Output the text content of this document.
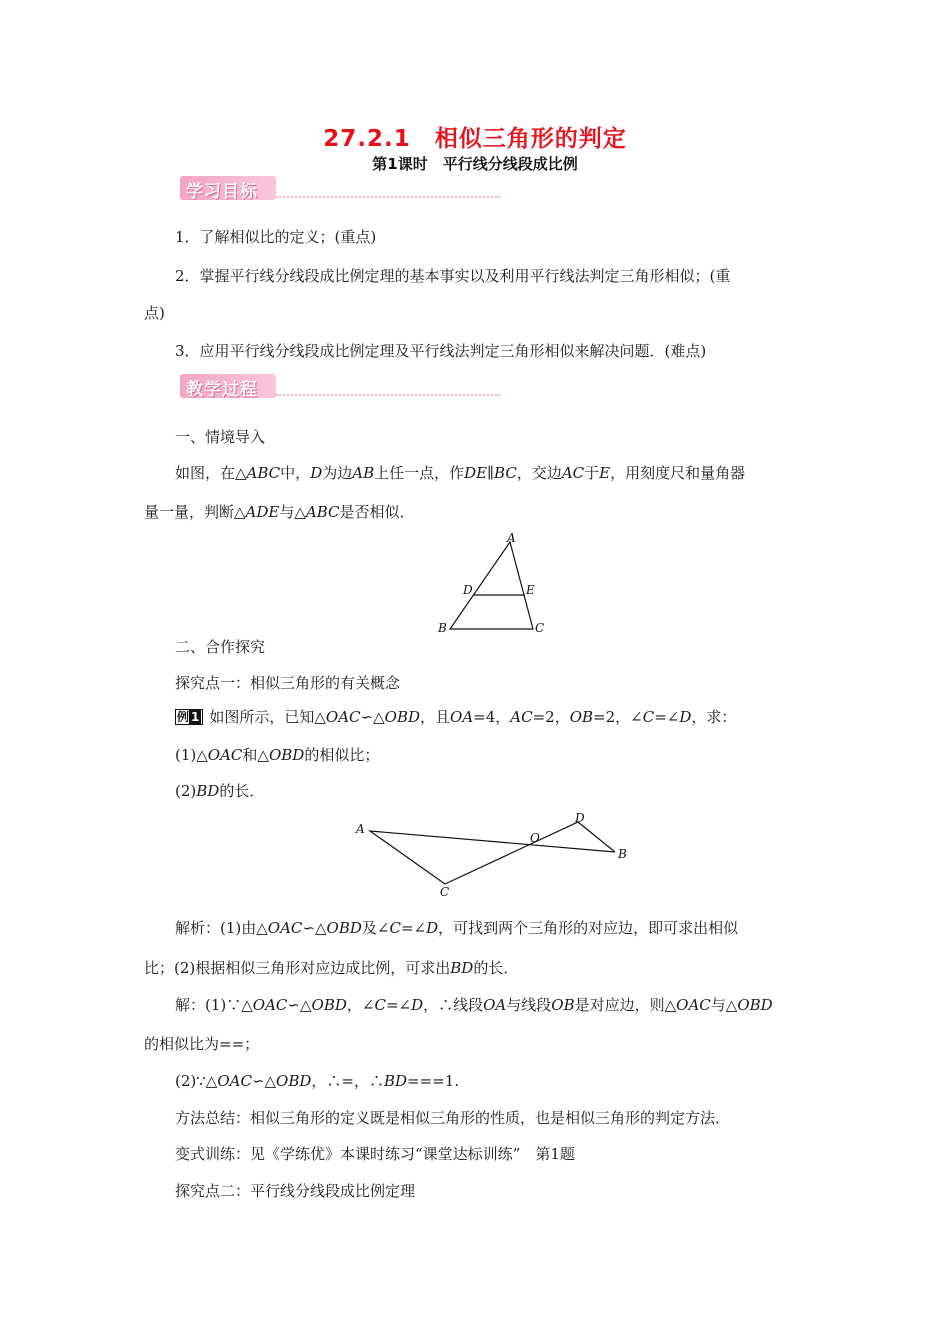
27.2.1　相似三角形的判定
第1课时　平行线分线段成比例
学习目标
1．了解相似比的定义；(重点)
2．掌握平行线分线段成比例定理的基本事实以及利用平行线法判定三角形相似；(重
点)
3．应用平行线分线段成比例定理及平行线法判定三角形相似来解决问题．(难点)
教学过程
一、情境导入
如图，在△ABC中，D为边AB上任一点，作DE∥BC，交边AC于E，用刻度尺和量角器
量一量，判断△ADE与△ABC是否相似．
A
D	E
B	C
二、合作探究
探究点一：相似三角形的有关概念
例 1 如图所示，已知△OAC∽△OBD，且OA=4，AC=2，OB=2，∠C=∠D，求：
(1)△OAC和△OBD的相似比；
(2)BD的长．
A
O
D
B
C
解析：(1)由△OAC∽△OBD及∠C=∠D，可找到两个三角形的对应边，即可求出相似
比；(2)根据相似三角形对应边成比例，可求出BD的长．
解：(1)∵△OAC∽△OBD，∠C=∠D，∴线段OA与线段OB是对应边，则△OAC与△OBD
的相似比为==；
(2)∵△OAC∽△OBD，∴=，∴BD===1.
方法总结：相似三角形的定义既是相似三角形的性质，也是相似三角形的判定方法．
变式训练：见《学练优》本课时练习“课堂达标训练”　第1题
探究点二：平行线分线段成比例定理
